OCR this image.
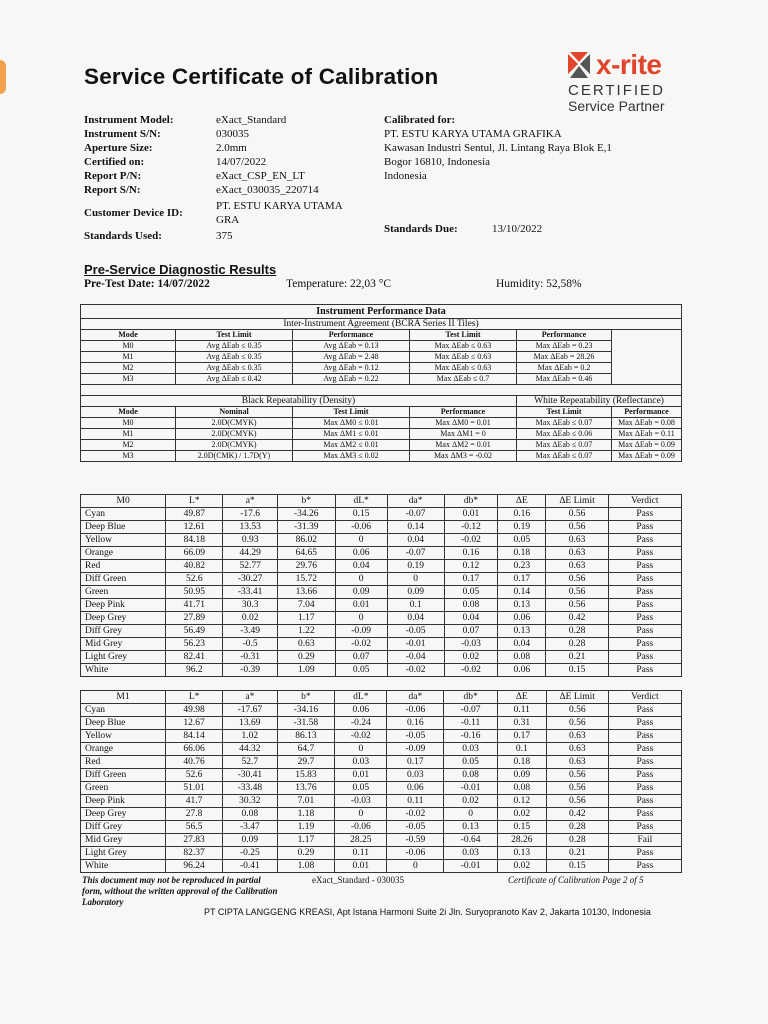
Service Certificate of Calibration	x-rite
CERTIFIED
Service Partner
Instrument Model:	eXact_Standard
Instrument S/N:	030035
Aperture Size:	2.0mm
Certified on:	14/07/2022
Report P/N:	eXact_CSP_EN_LT
Report S/N:	eXact_030035_220714
Customer Device ID:
PT. ESTU KARYA UTAMA GRA
Standards Used:	375
Calibrated for:
PT. ESTU KARYA UTAMA GRAFIKA
Kawasan Industri Sentul, Jl. Lintang Raya Blok E,1
Bogor 16810, Indonesia
Indonesia
Standards Due:	13/10/2022
Pre-Service Diagnostic Results
Pre-Test Date: 14/07/2022	Temperature: 22,03 °C	Humidity: 52,58%
Instrument Performance Data					
Inter-Instrument Agreement (BCRA Series II Tiles)					
Mode	Test Limit	Performance	Test Limit	Performance	
M0	Avg ΔEab ≤ 0.35	Avg ΔEab = 0.13	Max ΔEab ≤ 0.63	Max ΔEab = 0.23	
M1	Avg ΔEab ≤ 0.35	Avg ΔEab = 2.48	Max ΔEab ≤ 0.63	Max ΔEab = 28.26	
M2	Avg ΔEab ≤ 0.35	Avg ΔEab = 0.12	Max ΔEab ≤ 0.63	Max ΔEab = 0.2	
M3	Avg ΔEab ≤ 0.42	Avg ΔEab = 0.22	Max ΔEab ≤ 0.7	Max ΔEab = 0.46	

Black Repeatability (Density)				White Repeatability (Reflectance)	
Mode	Nominal	Test Limit	Performance	Test Limit	Performance
M0	2.0D(CMYK)	Max ΔM0 ≤ 0.01	Max ΔM0 = 0.01	Max ΔEab ≤ 0.07	Max ΔEab = 0.08
M1	2.0D(CMYK)	Max ΔM1 ≤ 0.01	Max ΔM1 = 0	Max ΔEab ≤ 0.06	Max ΔEab = 0.11
M2	2.0D(CMYK)	Max ΔM2 ≤ 0.01	Max ΔM2 = 0.01	Max ΔEab ≤ 0.07	Max ΔEab = 0.09
M3	2.0D(CMK) / 1.7D(Y)	Max ΔM3 ≤ 0.02	Max ΔM3 = -0.02	Max ΔEab ≤ 0.07	Max ΔEab = 0.09
M0	L*	a*	b*	dL*	da*	db*	ΔE	ΔE Limit	Verdict
Cyan	49.87	-17.6	-34.26	0.15	-0.07	0.01	0.16	0.56	Pass
Deep Blue	12.61	13.53	-31.39	-0.06	0.14	-0.12	0.19	0.56	Pass
Yellow	84.18	0.93	86.02	0	0.04	-0.02	0.05	0.63	Pass
Orange	66.09	44.29	64.65	0.06	-0.07	0.16	0.18	0.63	Pass
Red	40.82	52.77	29.76	0.04	0.19	0.12	0.23	0.63	Pass
Diff Green	52.6	-30.27	15.72	0	0	0.17	0.17	0.56	Pass
Green	50.95	-33.41	13.66	0.09	0.09	0.05	0.14	0.56	Pass
Deep Pink	41.71	30.3	7.04	0.01	0.1	0.08	0.13	0.56	Pass
Deep Grey	27.89	0.02	1.17	0	0.04	0.04	0.06	0.42	Pass
Diff Grey	56.49	-3.49	1.22	-0.09	-0.05	0.07	0.13	0.28	Pass
Mid Grey	56.23	-0.5	0.63	-0.02	-0.01	-0.03	0.04	0.28	Pass
Light Grey	82.41	-0.31	0.29	0.07	-0.04	0.02	0.08	0.21	Pass
White	96.2	-0.39	1.09	0.05	-0.02	-0.02	0.06	0.15	Pass
M1	L*	a*	b*	dL*	da*	db*	ΔE	ΔE Limit	Verdict
Cyan	49.98	-17.67	-34.16	0.06	-0.06	-0.07	0.11	0.56	Pass
Deep Blue	12.67	13.69	-31.58	-0.24	0.16	-0.11	0.31	0.56	Pass
Yellow	84.14	1.02	86.13	-0.02	-0.05	-0.16	0.17	0.63	Pass
Orange	66.06	44.32	64.7	0	-0.09	0.03	0.1	0.63	Pass
Red	40.76	52.7	29.7	0.03	0.17	0.05	0.18	0.63	Pass
Diff Green	52.6	-30.41	15.83	0.01	0.03	0.08	0.09	0.56	Pass
Green	51.01	-33.48	13.76	0.05	0.06	-0.01	0.08	0.56	Pass
Deep Pink	41.7	30.32	7.01	-0.03	0.11	0.02	0.12	0.56	Pass
Deep Grey	27.8	0.08	1.18	0	-0.02	0	0.02	0.42	Pass
Diff Grey	56.5	-3.47	1.19	-0.06	-0.05	0.13	0.15	0.28	Pass
Mid Grey	27.83	0.09	1.17	28.25	-0.59	-0.64	28.26	0.28	Fail
Light Grey	82.37	-0.25	0.29	0.11	-0.06	0.03	0.13	0.21	Pass
White	96.24	-0.41	1.08	0.01	0	-0.01	0.02	0.15	Pass
This document may not be reproduced in partial form, without the written approval of the Calibration Laboratory
eXact_Standard - 030035	Certificate of Calibration Page 2 of 5
PT CIPTA LANGGENG KREASI, Apt Istana Harmoni Suite 2i Jln. Suryopranoto Kav 2, Jakarta 10130, Indonesia
